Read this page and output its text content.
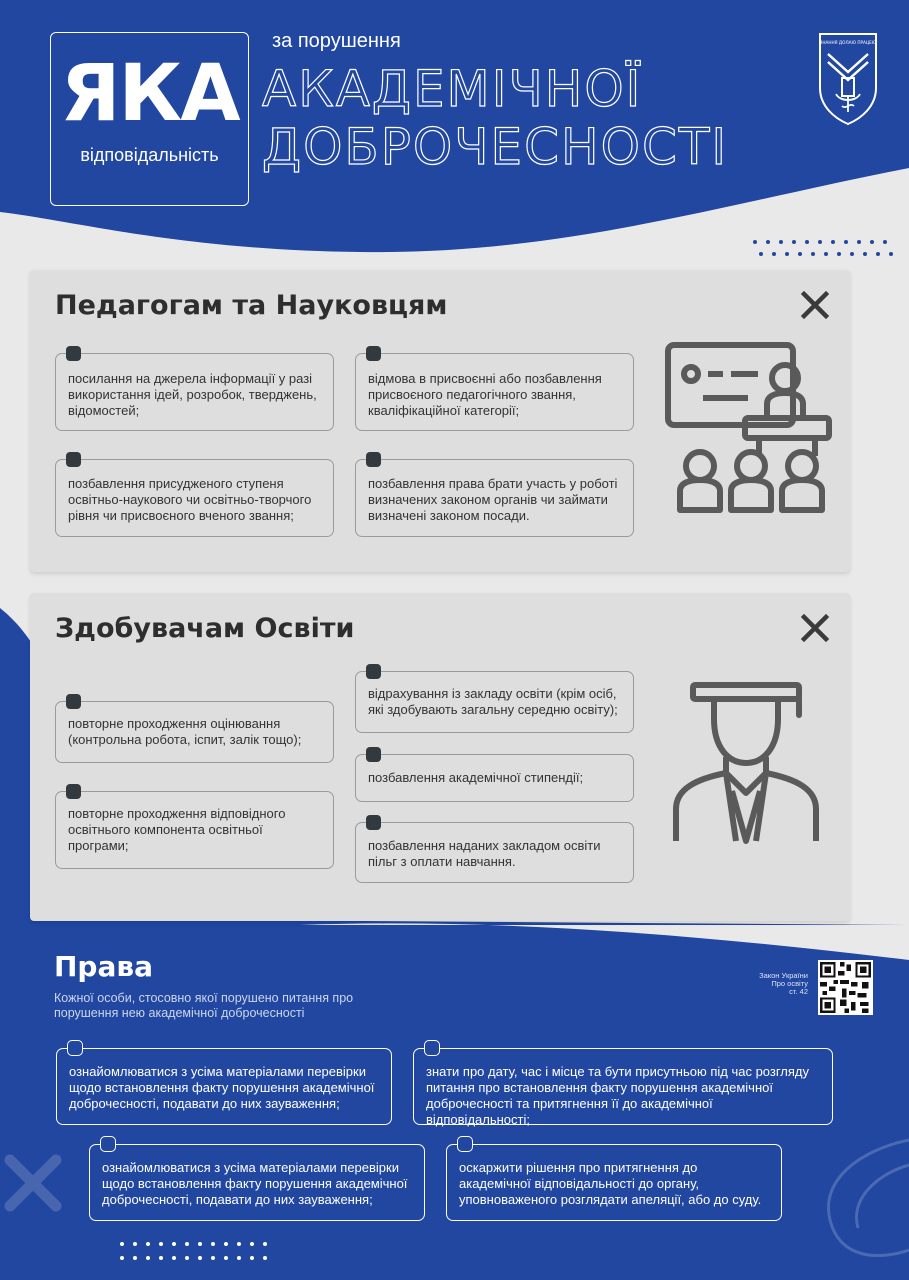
ЯКА
відповідальність
за порушення
АКАДЕМІЧНОЇ
ДОБРОЧЕСНОСТІ
ЗНАННЯ ДОЛАЮ ПРАЦЕЮ
Педагогам та Науковцям
посилання на джерела інформації у разі використання ідей, розробок, тверджень, відомостей;
відмова в присвоєнні або позбавлення присвоєного педагогічного звання, кваліфікаційної категорії;
позбавлення присудженого ступеня освітньо-наукового чи освітньо-творчого рівня чи присвоєного вченого звання;
позбавлення права брати участь у роботі визначених законом органів чи займати визначені законом посади.
Здобувачам Освіти
повторне проходження оцінювання (контрольна робота, іспит, залік тощо);
повторне проходження відповідного освітнього компонента освітньої програми;
відрахування із закладу освіти (крім осіб, які здобувають загальну середню освіту);
позбавлення академічної стипендії;
позбавлення наданих закладом освіти пільг з оплати навчання.
Права
Кожної особи, стосовно якої порушено питання про порушення нею академічної доброчесності
Закон України
Про освіту
ст. 42
ознайомлюватися з усіма матеріалами перевірки щодо встановлення факту порушення академічної доброчесності, подавати до них зауваження;
знати про дату, час і місце та бути присутньою під час розгляду питання про встановлення факту порушення академічної доброчесності та притягнення її до академічної відповідальності;
ознайомлюватися з усіма матеріалами перевірки щодо встановлення факту порушення академічної доброчесності, подавати до них зауваження;
оскаржити рішення про притягнення до академічної відповідальності до органу, уповноваженого розглядати апеляції, або до суду.
